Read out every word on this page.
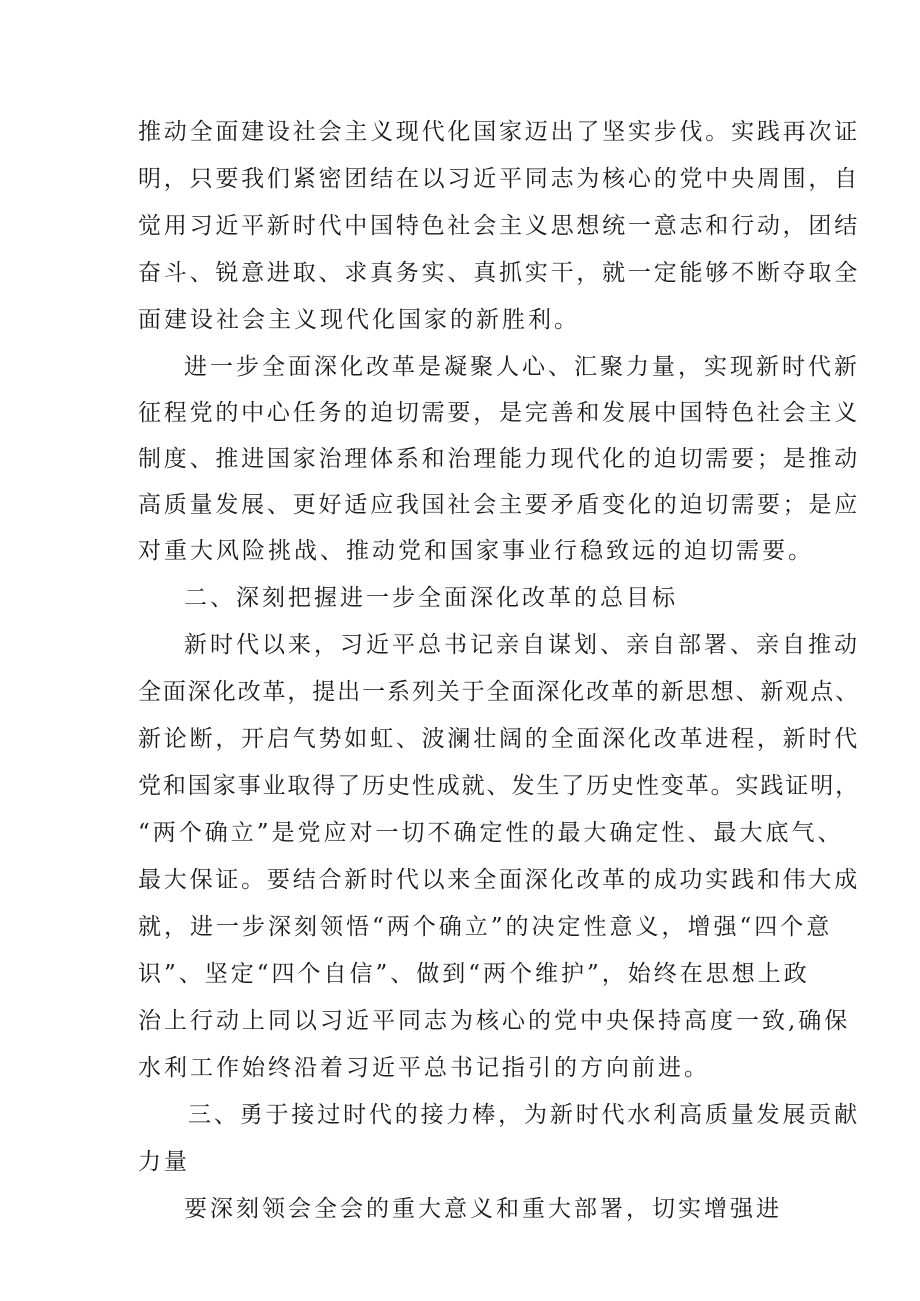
推动全面建设社会主义现代化国家迈出了坚实步伐。实践再次证
明，只要我们紧密团结在以习近平同志为核心的党中央周围，自
觉用习近平新时代中国特色社会主义思想统一意志和行动，团结
奋斗、锐意进取、求真务实、真抓实干，就一定能够不断夺取全
面建设社会主义现代化国家的新胜利。
进一步全面深化改革是凝聚人心、汇聚力量，实现新时代新
征程党的中心任务的迫切需要，是完善和发展中国特色社会主义
制度、推进国家治理体系和治理能力现代化的迫切需要；是推动
高质量发展、更好适应我国社会主要矛盾变化的迫切需要；是应
对重大风险挑战、推动党和国家事业行稳致远的迫切需要。
二、深刻把握进一步全面深化改革的总目标
新时代以来，习近平总书记亲自谋划、亲自部署、亲自推动
全面深化改革，提出一系列关于全面深化改革的新思想、新观点、
新论断，开启气势如虹、波澜壮阔的全面深化改革进程，新时代
党和国家事业取得了历史性成就、发生了历史性变革。实践证明，
“两个确立”是党应对一切不确定性的最大确定性、最大底气、
最大保证。要结合新时代以来全面深化改革的成功实践和伟大成
就，进一步深刻领悟“两个确立”的决定性意义，增强“四个意
识”、坚定“四个自信”、做到“两个维护”，始终在思想上政
治上行动上同以习近平同志为核心的党中央保持高度一致,确保
水利工作始终沿着习近平总书记指引的方向前进。
三、勇于接过时代的接力棒，为新时代水利高质量发展贡献
力量
要深刻领会全会的重大意义和重大部署，切实增强进
